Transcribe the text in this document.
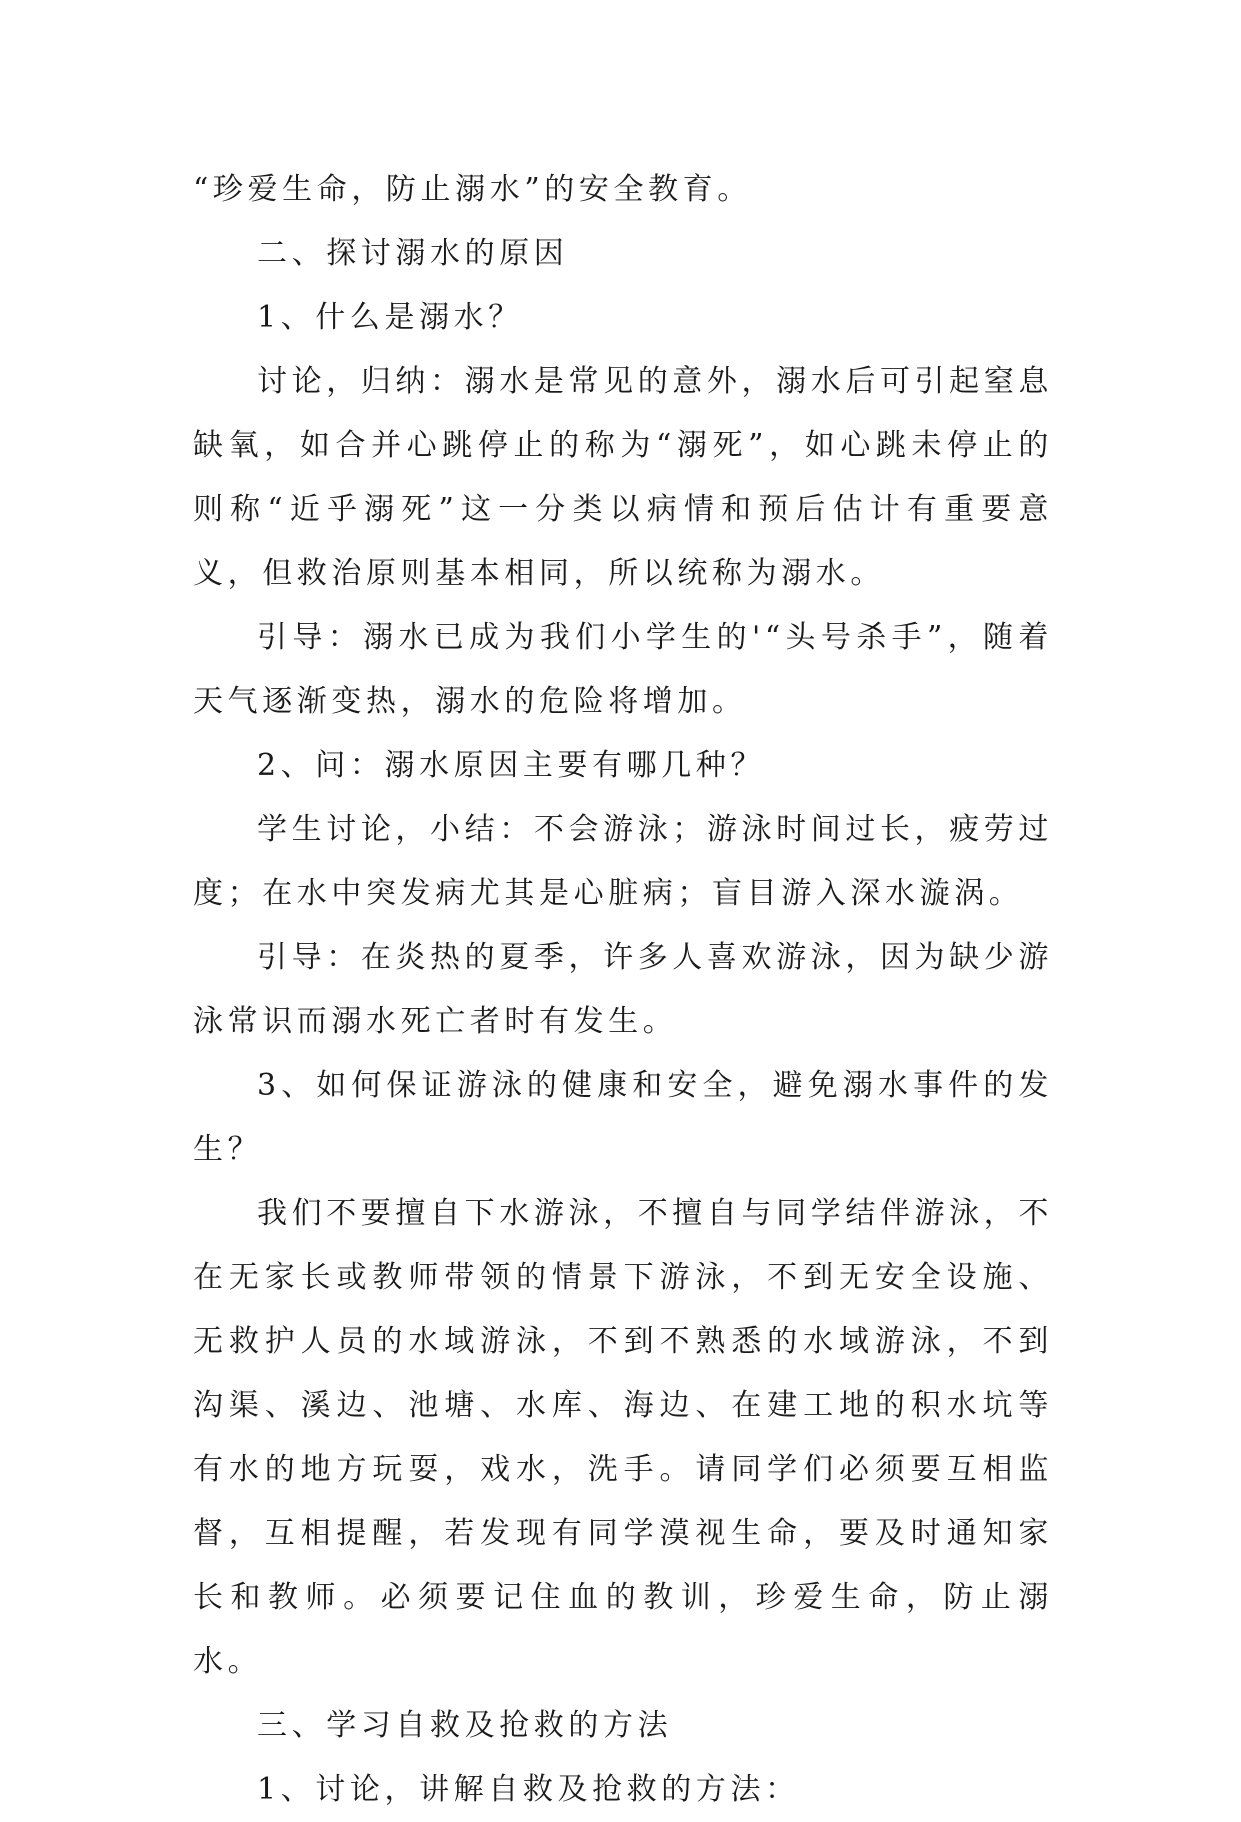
“珍爱生命，防止溺水”的安全教育。

二、探讨溺水的原因

1、什么是溺水？

讨论，归纳：溺水是常见的意外，溺水后可引起窒息缺氧，如合并心跳停止的称为“溺死”，如心跳未停止的则称“近乎溺死”这一分类以病情和预后估计有重要意义，但救治原则基本相同，所以统称为溺水。

引导：溺水已成为我们小学生的'“头号杀手”，随着天气逐渐变热，溺水的危险将增加。

2、问：溺水原因主要有哪几种？

学生讨论，小结：不会游泳；游泳时间过长，疲劳过度；在水中突发病尤其是心脏病；盲目游入深水漩涡。

引导：在炎热的夏季，许多人喜欢游泳，因为缺少游泳常识而溺水死亡者时有发生。

3、如何保证游泳的健康和安全，避免溺水事件的发生？

我们不要擅自下水游泳，不擅自与同学结伴游泳，不在无家长或教师带领的情景下游泳，不到无安全设施、无救护人员的水域游泳，不到不熟悉的水域游泳，不到沟渠、溪边、池塘、水库、海边、在建工地的积水坑等有水的地方玩耍，戏水，洗手。请同学们必须要互相监督，互相提醒，若发现有同学漠视生命，要及时通知家长和教师。必须要记住血的教训，珍爱生命，防止溺水。

三、学习自救及抢救的方法

1、讨论，讲解自救及抢救的方法：
